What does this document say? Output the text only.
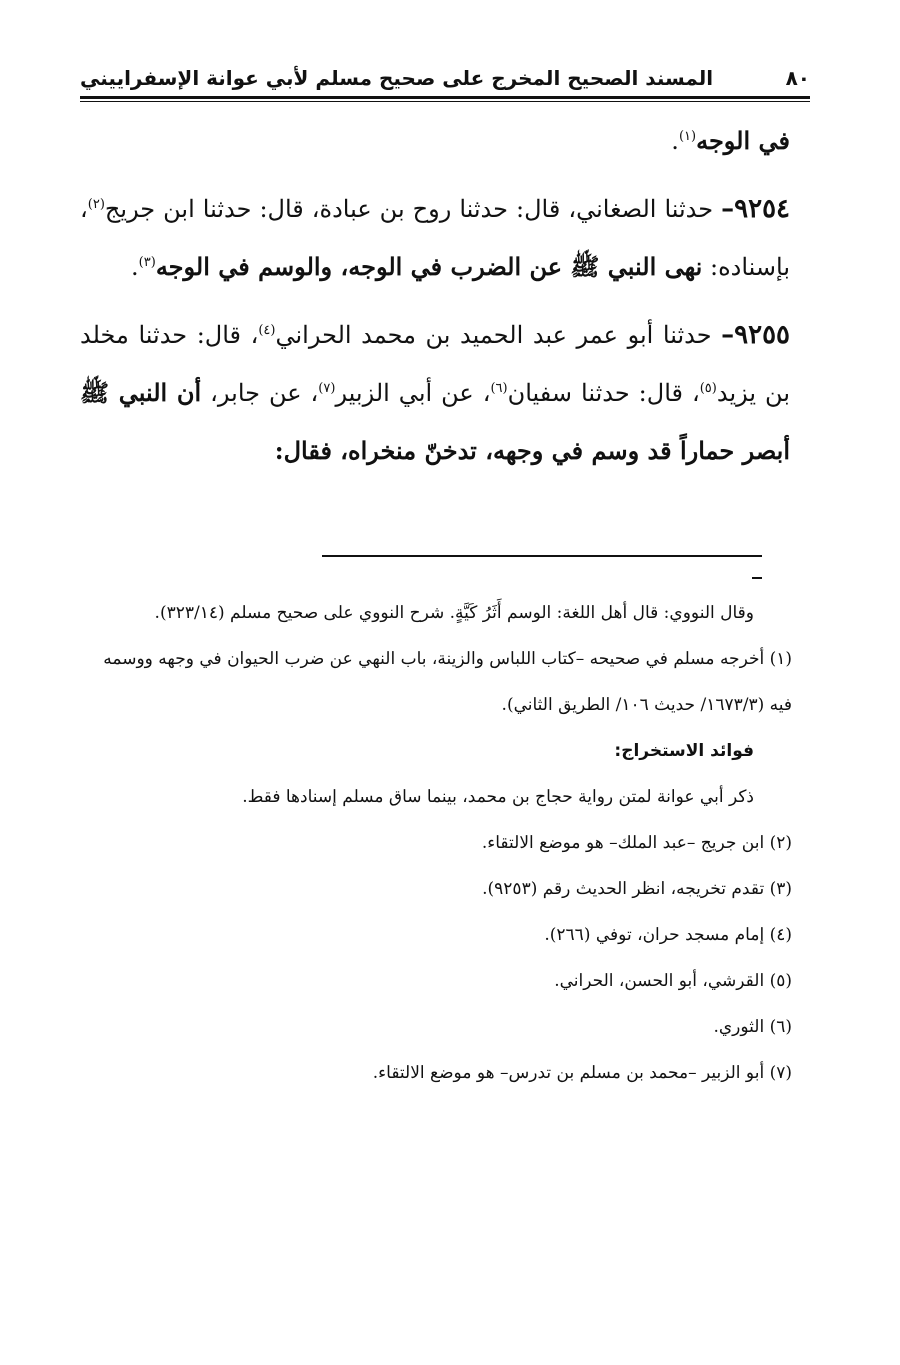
٨٠
المسند الصحيح المخرج على صحيح مسلم لأبي عوانة الإسفراييني

في الوجه$^{(١)}$.

٩٢٥٤– حدثنا الصغاني، قال: حدثنا روح بن عبادة، قال: حدثنا ابن جريج$^{(٢)}$، بإسناده: نهى النبي ﷺ عن الضرب في الوجه، والوسم في الوجه$^{(٣)}$.

٩٢٥٥– حدثنا أبو عمر عبد الحميد بن محمد الحراني$^{(٤)}$، قال: حدثنا مخلد بن يزيد$^{(٥)}$، قال: حدثنا سفيان$^{(٦)}$، عن أبي الزبير$^{(٧)}$، عن جابر، أن النبي ﷺ أبصر حماراً قد وسم في وجهه، تدخنّ منخراه، فقال:

وقال النووي: قال أهل اللغة: الوسم أَثَرُ كَيَّةٍ. شرح النووي على صحيح مسلم (٣٢٣/١٤).

(١) أخرجه مسلم في صحيحه –كتاب اللباس والزينة، باب النهي عن ضرب الحيوان في وجهه ووسمه فيه (١٦٧٣/٣/ حديث ١٠٦/ الطريق الثاني).

فوائد الاستخراج:

ذكر أبي عوانة لمتن رواية حجاج بن محمد، بينما ساق مسلم إسنادها فقط.

(٢) ابن جريج –عبد الملك– هو موضع الالتقاء.

(٣) تقدم تخريجه، انظر الحديث رقم (٩٢٥٣).

(٤) إمام مسجد حران، توفي (٢٦٦).

(٥) القرشي، أبو الحسن، الحراني.

(٦) الثوري.

(٧) أبو الزبير –محمد بن مسلم بن تدرس– هو موضع الالتقاء.
